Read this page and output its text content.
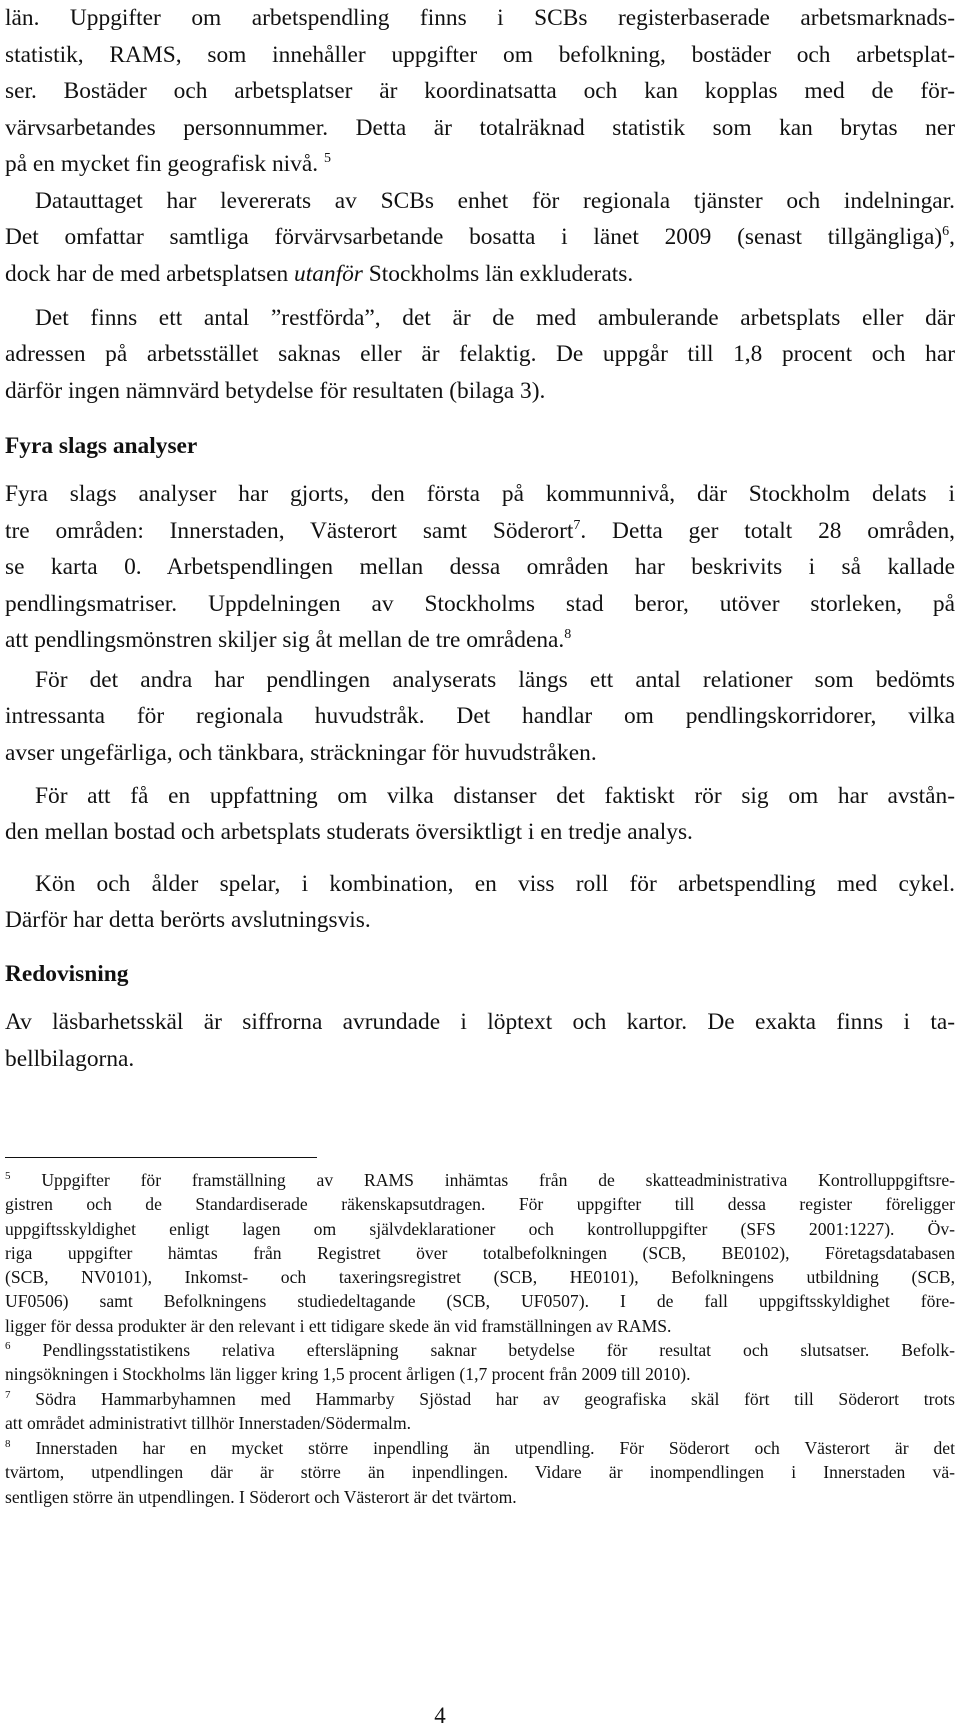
län. Uppgifter om arbetspendling finns i SCBs registerbaserade arbetsmarknads-
statistik, RAMS, som innehåller uppgifter om befolkning, bostäder och arbetsplat-
ser. Bostäder och arbetsplatser är koordinatsatta och kan kopplas med de för-
värvsarbetandes personnummer. Detta är totalräknad statistik som kan brytas ner
på en mycket fin geografisk nivå. $^5$
Datauttaget har levererats av SCBs enhet för regionala tjänster och indelningar.
Det omfattar samtliga förvärvsarbetande bosatta i länet 2009 (senast tillgängliga)$^6$,
dock har de med arbetsplatsen utanför Stockholms län exkluderats.
Det finns ett antal ”restförda”, det är de med ambulerande arbetsplats eller där
adressen på arbetsstället saknas eller är felaktig. De uppgår till 1,8 procent och har
därför ingen nämnvärd betydelse för resultaten (bilaga 3).
Fyra slags analyser
Fyra slags analyser har gjorts, den första på kommunnivå, där Stockholm delats i
tre områden: Innerstaden, Västerort samt Söderort$^7$. Detta ger totalt 28 områden,
se karta 0. Arbetspendlingen mellan dessa områden har beskrivits i så kallade
pendlingsmatriser. Uppdelningen av Stockholms stad beror, utöver storleken, på
att pendlingsmönstren skiljer sig åt mellan de tre områdena.$^8$
För det andra har pendlingen analyserats längs ett antal relationer som bedömts
intressanta för regionala huvudstråk. Det handlar om pendlingskorridorer, vilka
avser ungefärliga, och tänkbara, sträckningar för huvudstråken.
För att få en uppfattning om vilka distanser det faktiskt rör sig om har avstån-
den mellan bostad och arbetsplats studerats översiktligt i en tredje analys.
Kön och ålder spelar, i kombination, en viss roll för arbetspendling med cykel.
Därför har detta berörts avslutningsvis.
Redovisning
Av läsbarhetsskäl är siffrorna avrundade i löptext och kartor. De exakta finns i ta-
bellbilagorna.
$^5$ Uppgifter för framställning av RAMS inhämtas från de skatteadministrativa Kontrolluppgiftsre-
gistren och de Standardiserade räkenskapsutdragen. För uppgifter till dessa register föreligger
uppgiftsskyldighet enligt lagen om självdeklarationer och kontrolluppgifter (SFS 2001:1227). Öv-
riga uppgifter hämtas från Registret över totalbefolkningen (SCB, BE0102), Företagsdatabasen
(SCB, NV0101), Inkomst- och taxeringsregistret (SCB, HE0101), Befolkningens utbildning (SCB,
UF0506) samt Befolkningens studiedeltagande (SCB, UF0507). I de fall uppgiftsskyldighet före-
ligger för dessa produkter är den relevant i ett tidigare skede än vid framställningen av RAMS.
$^6$ Pendlingsstatistikens relativa eftersläpning saknar betydelse för resultat och slutsatser. Befolk-
ningsökningen i Stockholms län ligger kring 1,5 procent årligen (1,7 procent från 2009 till 2010).
$^7$ Södra Hammarbyhamnen med Hammarby Sjöstad har av geografiska skäl fört till Söderort trots
att området administrativt tillhör Innerstaden/Södermalm.
$^8$ Innerstaden har en mycket större inpendling än utpendling. För Söderort och Västerort är det
tvärtom, utpendlingen där är större än inpendlingen. Vidare är inompendlingen i Innerstaden vä-
sentligen större än utpendlingen. I Söderort och Västerort är det tvärtom.
4
